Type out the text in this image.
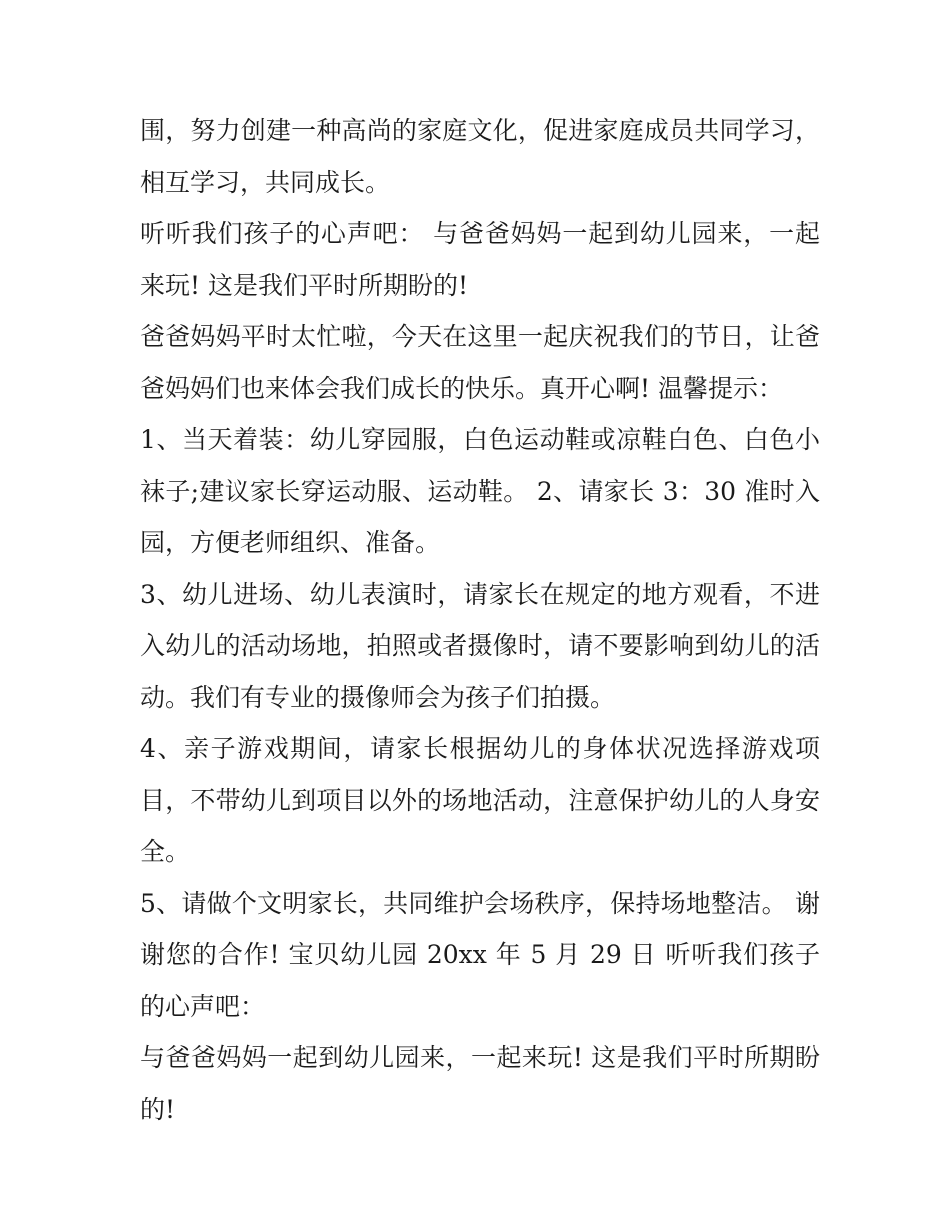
围，努力创建一种高尚的家庭文化，促进家庭成员共同学习，相互学习，共同成长。

听听我们孩子的心声吧： 与爸爸妈妈一起到幼儿园来，一起来玩! 这是我们平时所期盼的!

爸爸妈妈平时太忙啦，今天在这里一起庆祝我们的节日，让爸爸妈妈们也来体会我们成长的快乐。真开心啊! 温馨提示：

1、当天着装：幼儿穿园服，白色运动鞋或凉鞋白色、白色小袜子;建议家长穿运动服、运动鞋。 2、请家长 3：30 准时入园，方便老师组织、准备。

3、幼儿进场、幼儿表演时，请家长在规定的地方观看，不进入幼儿的活动场地，拍照或者摄像时，请不要影响到幼儿的活动。我们有专业的摄像师会为孩子们拍摄。

4、亲子游戏期间，请家长根据幼儿的身体状况选择游戏项目，不带幼儿到项目以外的场地活动，注意保护幼儿的人身安全。

5、请做个文明家长，共同维护会场秩序，保持场地整洁。 谢谢您的合作! 宝贝幼儿园 20xx 年 5 月 29 日 听听我们孩子的心声吧：

与爸爸妈妈一起到幼儿园来，一起来玩! 这是我们平时所期盼的!
